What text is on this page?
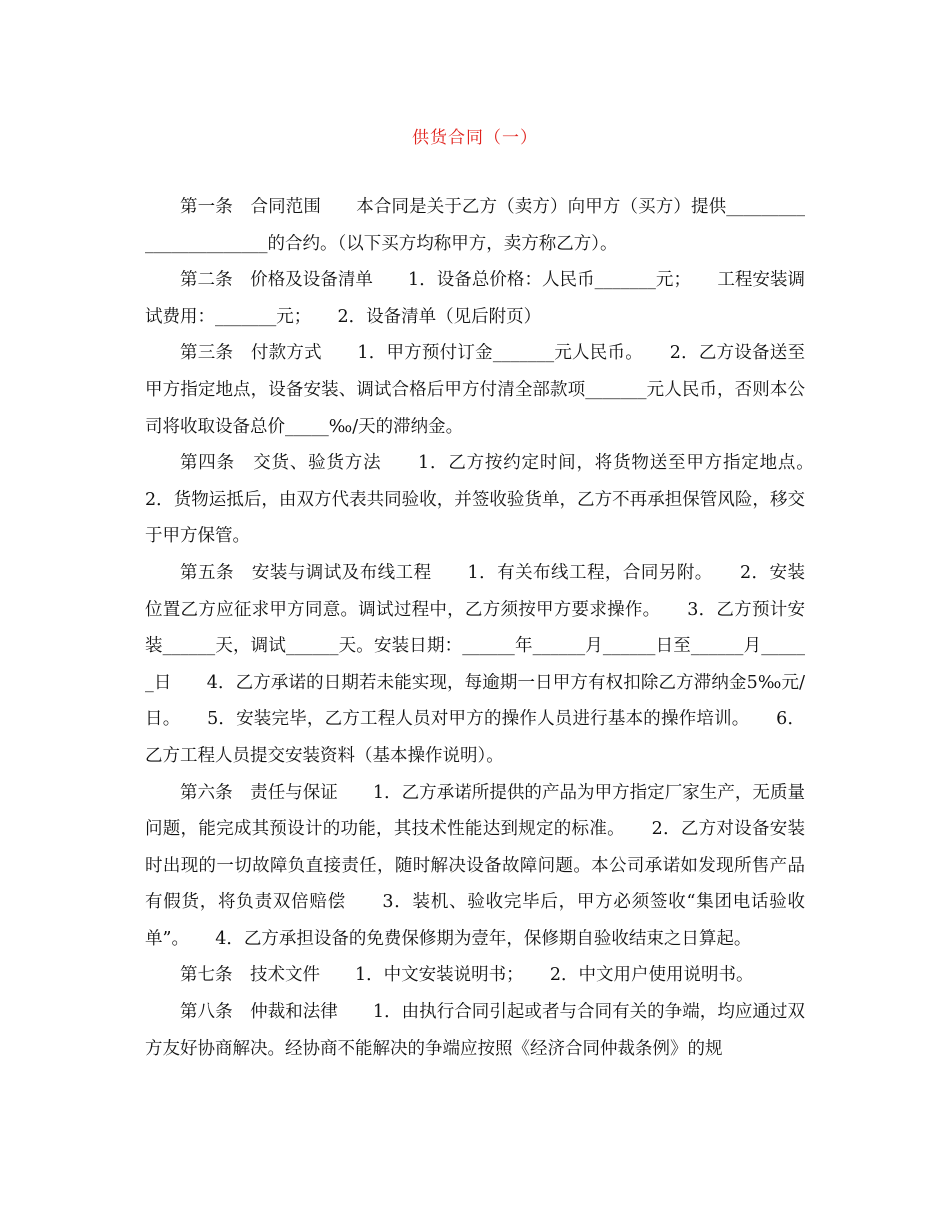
供货合同（一）

第一条　合同范围　　本合同是关于乙方（卖方）向甲方（买方）提供_______________________的合约。（以下买方均称甲方，卖方称乙方）。

第二条　价格及设备清单　　1．设备总价格：人民币_______元；　　工程安装调试费用：_______元；　　2．设备清单（见后附页）

第三条　付款方式　　1．甲方预付订金_______元人民币。　　2．乙方设备送至甲方指定地点，设备安装、调试合格后甲方付清全部款项_______元人民币，否则本公司将收取设备总价_____‰/天的滞纳金。

第四条　交货、验货方法　　1．乙方按约定时间，将货物送至甲方指定地点。　　2．货物运抵后，由双方代表共同验收，并签收验货单，乙方不再承担保管风险，移交于甲方保管。

第五条　安装与调试及布线工程　　1．有关布线工程，合同另附。　　2．安装位置乙方应征求甲方同意。调试过程中，乙方须按甲方要求操作。　　3．乙方预计安装______天，调试______天。安装日期：______年______月______日至______月______日　　4．乙方承诺的日期若未能实现，每逾期一日甲方有权扣除乙方滞纳金5‰元/日。　　5．安装完毕，乙方工程人员对甲方的操作人员进行基本的操作培训。　　6．乙方工程人员提交安装资料（基本操作说明）。

第六条　责任与保证　　1．乙方承诺所提供的产品为甲方指定厂家生产，无质量问题，能完成其预设计的功能，其技术性能达到规定的标准。　　2．乙方对设备安装时出现的一切故障负直接责任，随时解决设备故障问题。本公司承诺如发现所售产品有假货，将负责双倍赔偿　　3．装机、验收完毕后，甲方必须签收“集团电话验收单”。　　4．乙方承担设备的免费保修期为壹年，保修期自验收结束之日算起。

第七条　技术文件　　1．中文安装说明书；　　2．中文用户使用说明书。

第八条　仲裁和法律　　1．由执行合同引起或者与合同有关的争端，均应通过双方友好协商解决。经协商不能解决的争端应按照《经济合同仲裁条例》的规
